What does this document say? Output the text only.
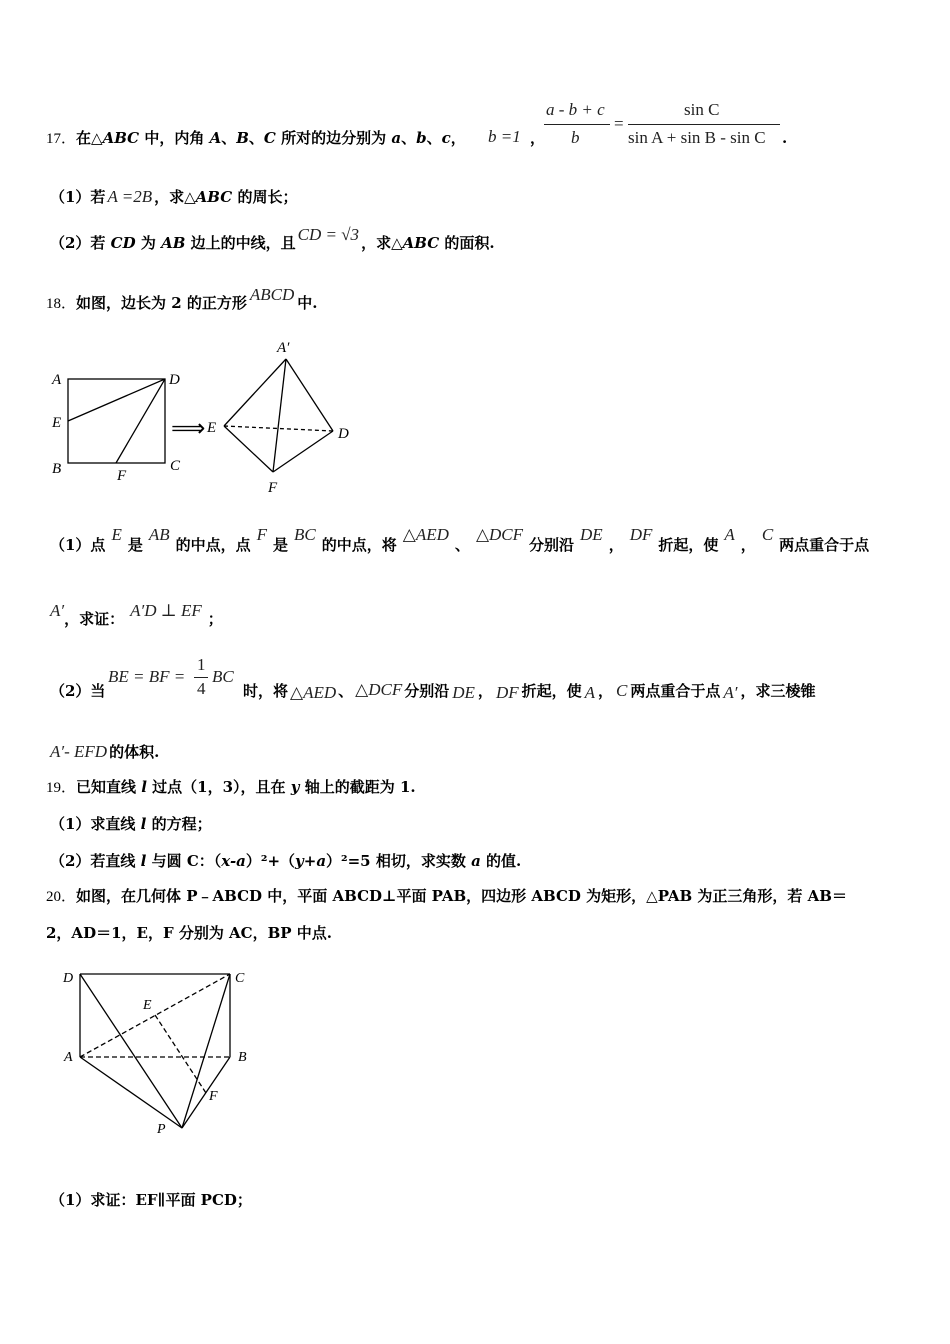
17．在△ABC 中，内角 A、B、C 所对的边分别为 a、b、c， b =1 ，
a - b + c
b
=
sin C
sin A + sin B - sin C .
（1）若 A =2B ，求△ABC 的周长；
（2）若 CD 为 AB 边上的中线，且 CD = √3 ，求△ABC 的面积.
18．如图，边长为 2 的正方形 ABCD 中.
A	D
E
B	F
C
⟹ E
A′
D
F
（1）点E是AB的中点，点F是BC的中点，将△AED、△DCF分别沿DE，DF折起，使A，C两点重合于点
A′，求证： A′D ⊥ EF ；
（2）当
BE = BF =
1
4
BC
时，将 △AED 、 △DCF 分别沿 DE ， DF 折起，使 A ， C 两点重合于点 A′ ，求三棱锥
A′- EFD 的体积.
19．已知直线 l 过点（1，3），且在 y 轴上的截距为 1.
（1）求直线 l 的方程；
（2）若直线 l 与圆 C：（x-a）²+（y+a）²=5 相切，求实数 a 的值.
20．如图，在几何体 P﹣ABCD 中，平面 ABCD⊥平面 PAB，四边形 ABCD 为矩形，△PAB 为正三角形，若 AB＝
2，AD＝1，E，F 分别为 AC，BP 中点.
D	C
E
A	B
F
P
（1）求证：EF∥平面 PCD；
